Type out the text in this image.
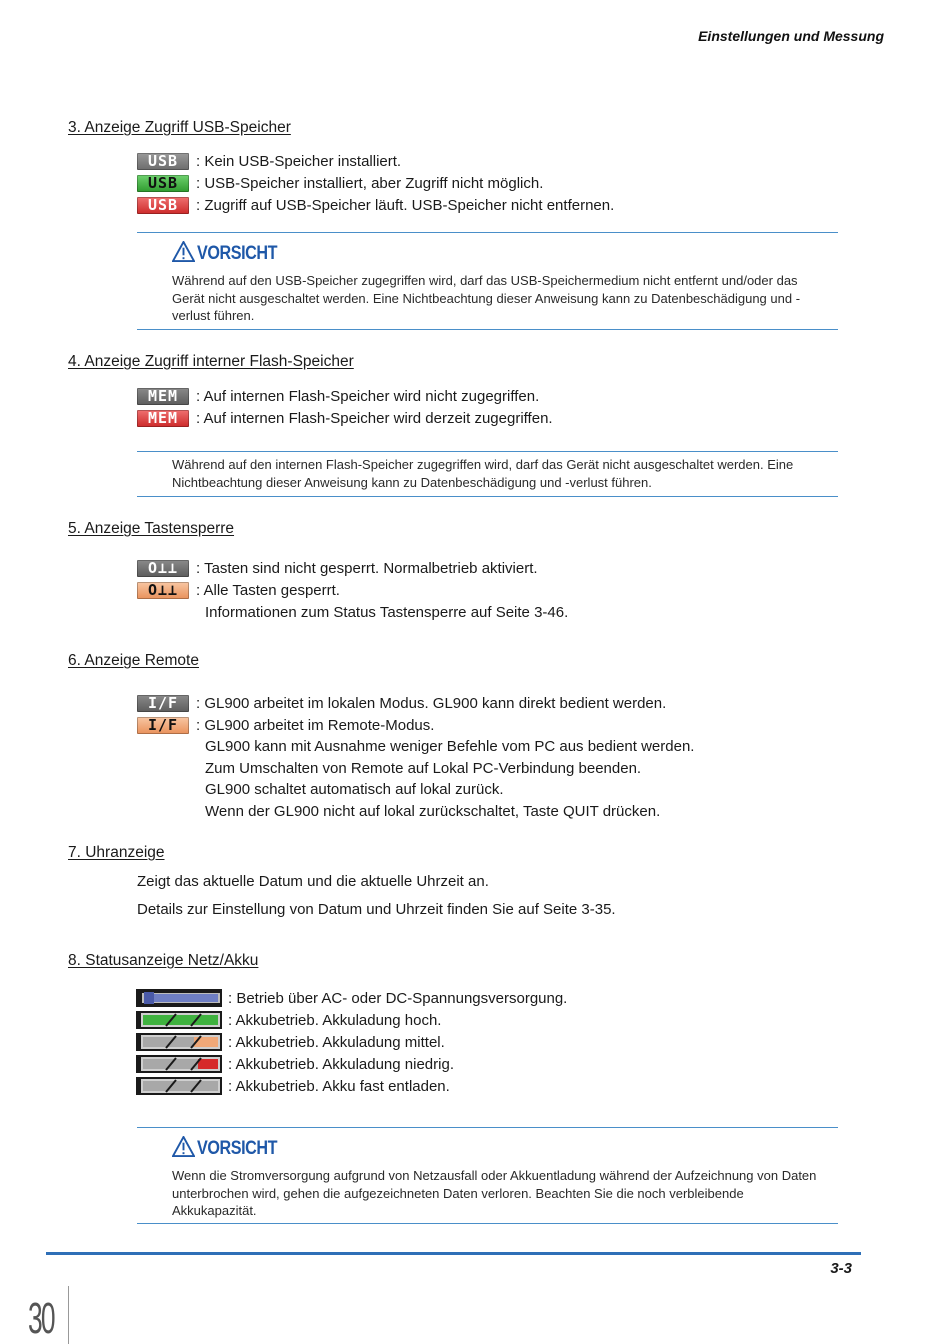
Einstellungen und Messung
3. Anzeige Zugriff USB-Speicher
USB	: Kein USB-Speicher installiert.
USB	: USB-Speicher installiert, aber Zugriff nicht möglich.
USB	: Zugriff auf USB-Speicher läuft. USB-Speicher nicht entfernen.
VORSICHT
Während auf den USB-Speicher zugegriffen wird, darf das USB-Speichermedium nicht entfernt und/oder das Gerät nicht ausgeschaltet werden. Eine Nichtbeachtung dieser Anweisung kann zu Datenbeschädigung und -verlust führen.
4. Anzeige Zugriff interner Flash-Speicher
MEM	: Auf internen Flash-Speicher wird nicht zugegriffen.
MEM	: Auf internen Flash-Speicher wird derzeit zugegriffen.
Während auf den internen Flash-Speicher zugegriffen wird, darf das Gerät nicht ausgeschaltet werden. Eine Nichtbeachtung dieser Anweisung kann zu Datenbeschädigung und -verlust führen.
5. Anzeige Tastensperre
O⊥⊥	: Tasten sind nicht gesperrt. Normalbetrieb aktiviert.
O⊥⊥	: Alle Tasten gesperrt.
Informationen zum Status Tastensperre auf Seite 3-46.
6. Anzeige Remote
I/F	: GL900 arbeitet im lokalen Modus. GL900 kann direkt bedient werden.
I/F	: GL900 arbeitet im Remote-Modus.
GL900 kann mit Ausnahme weniger Befehle vom PC aus bedient werden.
Zum Umschalten von Remote auf Lokal PC-Verbindung beenden.
GL900 schaltet automatisch auf lokal zurück.
Wenn der GL900 nicht auf lokal zurückschaltet, Taste QUIT drücken.
7. Uhranzeige
Zeigt das aktuelle Datum und die aktuelle Uhrzeit an.
Details zur Einstellung von Datum und Uhrzeit finden Sie auf Seite 3-35.
8. Statusanzeige Netz/Akku
: Betrieb über AC- oder DC-Spannungsversorgung.
: Akkubetrieb. Akkuladung hoch.
: Akkubetrieb. Akkuladung mittel.
: Akkubetrieb. Akkuladung niedrig.
: Akkubetrieb. Akku fast entladen.
VORSICHT
Wenn die Stromversorgung aufgrund von Netzausfall oder Akkuentladung während der Aufzeichnung von Daten unterbrochen wird, gehen die aufgezeichneten Daten verloren. Beachten Sie die noch verbleibende Akkukapazität.
3-3
30
